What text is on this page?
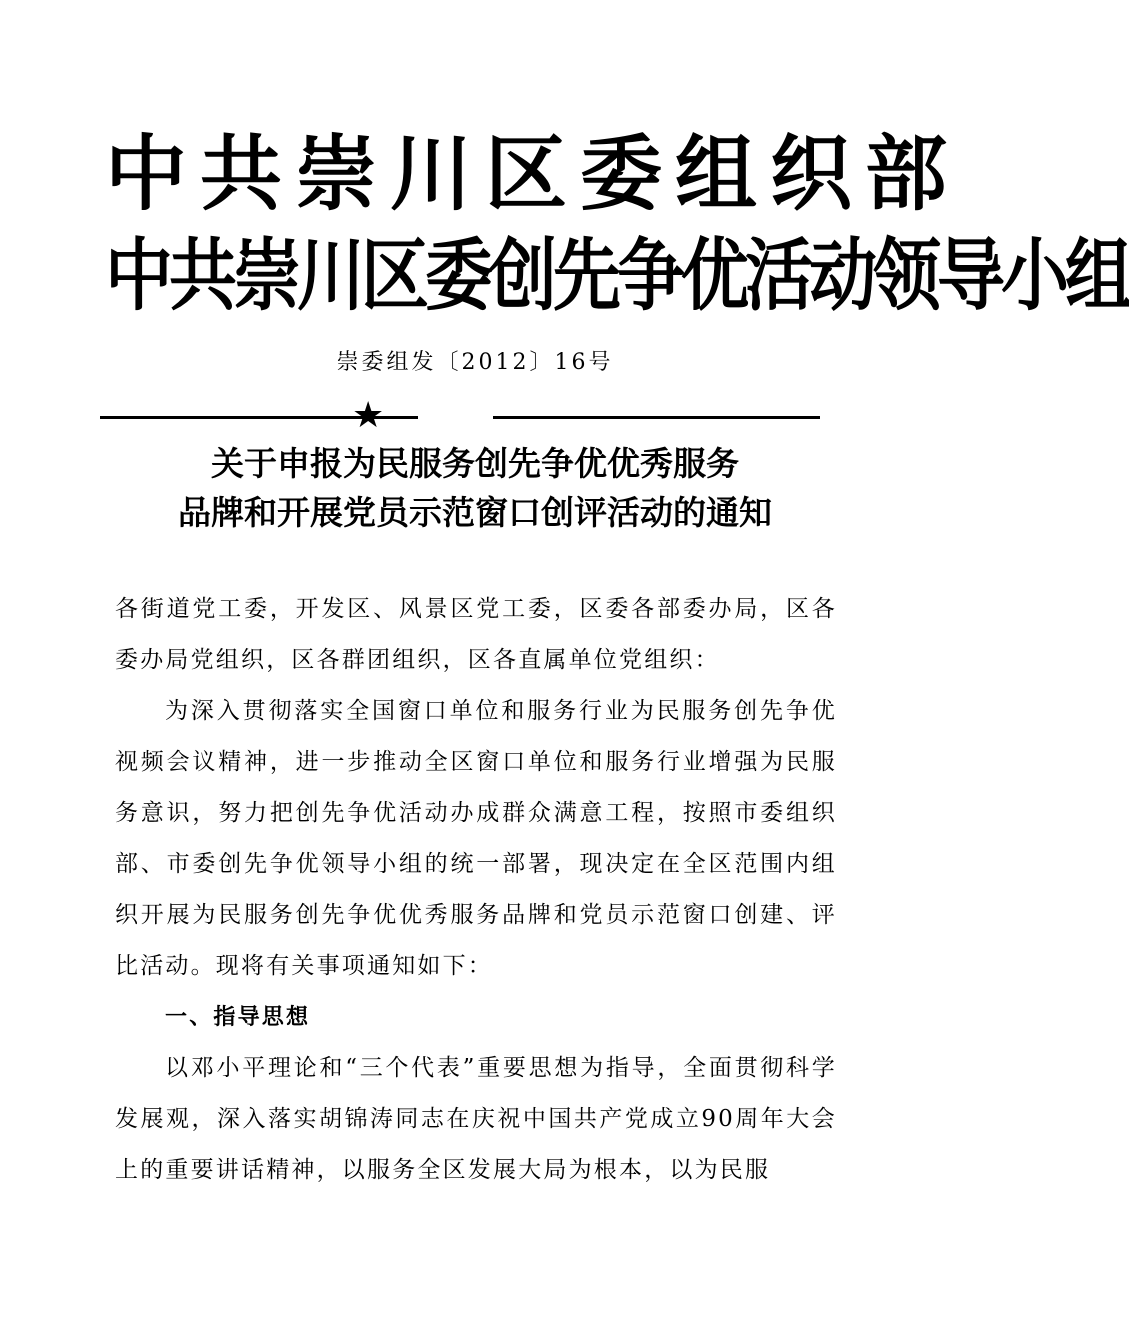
中共崇川区委组织部
中共崇川区委创先争优活动领导小组
崇委组发〔2012〕16号
★
关于申报为民服务创先争优优秀服务
品牌和开展党员示范窗口创评活动的通知

各街道党工委，开发区、风景区党工委，区委各部委办局，区各委办局党组织，区各群团组织，区各直属单位党组织：

为深入贯彻落实全国窗口单位和服务行业为民服务创先争优视频会议精神，进一步推动全区窗口单位和服务行业增强为民服务意识，努力把创先争优活动办成群众满意工程，按照市委组织部、市委创先争优领导小组的统一部署，现决定在全区范围内组织开展为民服务创先争优优秀服务品牌和党员示范窗口创建、评比活动。现将有关事项通知如下：

一、指导思想

以邓小平理论和“三个代表”重要思想为指导，全面贯彻科学发展观，深入落实胡锦涛同志在庆祝中国共产党成立90周年大会上的重要讲话精神，以服务全区发展大局为根本，以为民服
